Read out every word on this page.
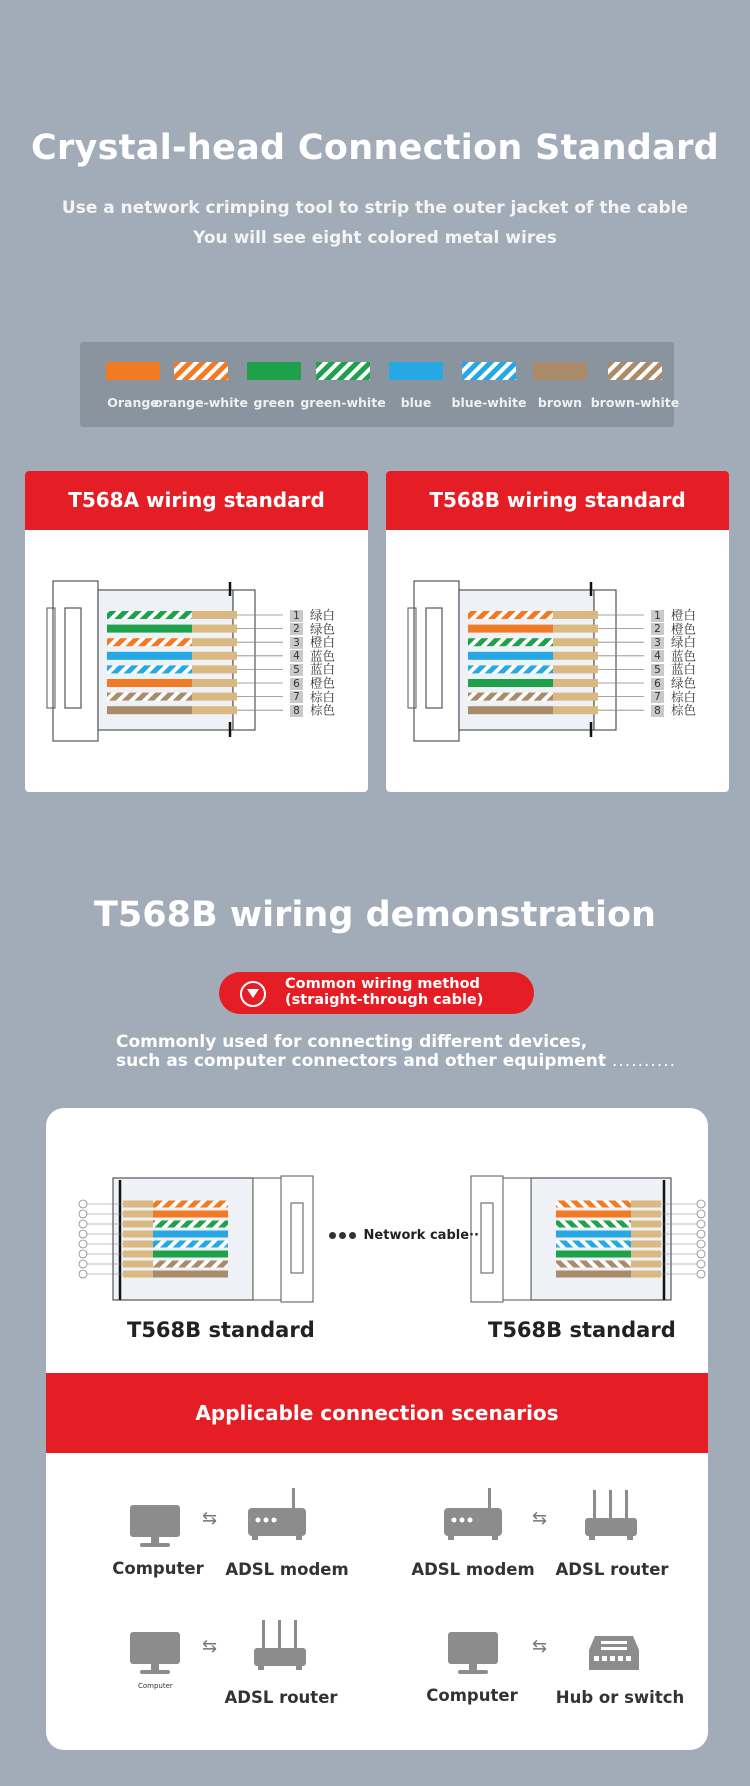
Crystal-head Connection Standard
Use a network crimping tool to strip the outer jacket of the cable
You will see eight colored metal wires
Orange
orange-white green green-white blue blue-white brown brown-white
T568A wiring standard
1 绿白
2 绿色
3 橙白
4 蓝色
5 蓝白
6 橙色
7 棕白
8 棕色
T568B wiring standard
1 橙白
2 橙色
3 绿白
4 蓝色
5 蓝白
6 绿色
7 棕白
8 棕色
T568B wiring demonstration
Common wiring method
(straight-through cable)
Commonly used for connecting different devices,
such as computer connectors and other equipment ..........
Network cable··
T568B standard	T568B standard
Applicable connection scenarios
⇆
Computer ADSL modem
⇆
ADSL modem ADSL router
Computer
⇆
ADSL router
⇆
Computer Hub or switch
